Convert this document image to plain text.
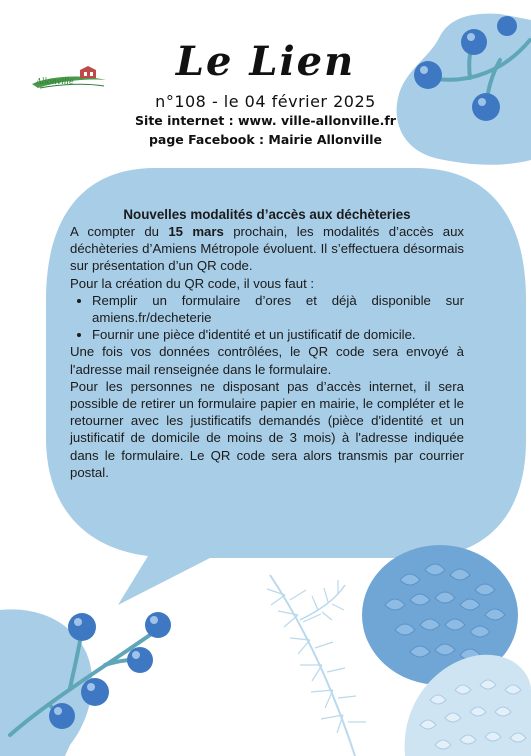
Allonville	Le Lien
n°108 - le 04 février 2025
Site internet : www. ville-allonville.fr
page Facebook : Mairie Allonville
Nouvelles modalités d’accès aux déchèteries

A compter du 15 mars prochain, les modalités d’accès aux déchèteries d’Amiens Métropole évoluent. Il s’effectuera désormais sur présentation d’un QR code.

Pour la création du QR code, il vous faut :

• Remplir un formulaire d’ores et déjà disponible sur amiens.fr/decheterie
• Fournir une pièce d'identité et un justificatif de domicile.

Une fois vos données contrôlées, le QR code sera envoyé à l'adresse mail renseignée dans le formulaire.

Pour les personnes ne disposant pas d’accès internet, il sera possible de retirer un formulaire papier en mairie, le compléter et le retourner avec les justificatifs demandés (pièce d'identité et un justificatif de domicile de moins de 3 mois) à l'adresse indiquée dans le formulaire. Le QR code sera alors transmis par courrier postal.
